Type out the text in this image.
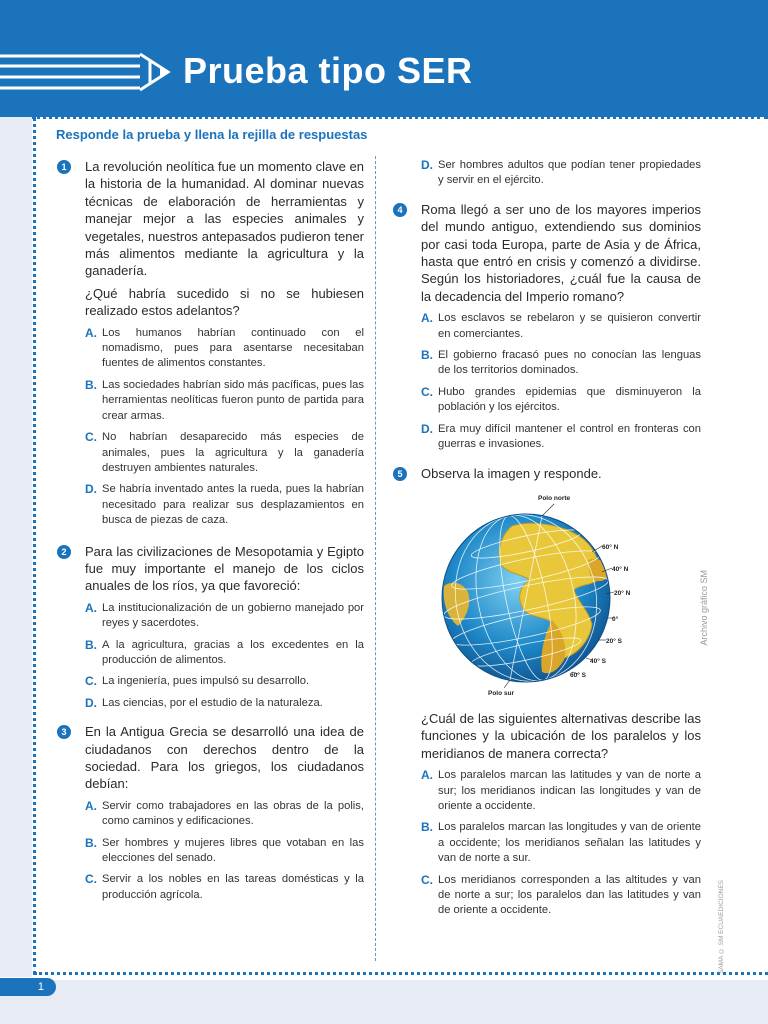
Prueba tipo SER
1
Responde la prueba y llena la rejilla de respuestas
1	La revolución neolítica fue un momento clave en la historia de la humanidad. Al dominar nuevas técnicas de elaboración de herramientas y manejar mejor a las especies animales y vegetales, nuestros antepasados pudieron tener más alimentos mediante la agricultura y la ganadería.

¿Qué habría sucedido si no se hubiesen realizado estos adelantos?

A. Los humanos habrían continuado con el nomadismo, pues para asentarse necesitaban fuentes de alimentos constantes.
B. Las sociedades habrían sido más pacíficas, pues las herramientas neolíticas fueron punto de partida para crear armas.
C. No habrían desaparecido más especies de animales, pues la agricultura y la ganadería destruyen ambientes naturales.
D. Se habría inventado antes la rueda, pues la habrían necesitado para realizar sus desplazamientos en busca de piezas de caza.
2	Para las civilizaciones de Mesopotamia y Egipto fue muy importante el manejo de los ciclos anuales de los ríos, ya que favoreció:

A. La institucionalización de un gobierno manejado por reyes y sacerdotes.
B. A la agricultura, gracias a los excedentes en la producción de alimentos.
C. La ingeniería, pues impulsó su desarrollo.
D. Las ciencias, por el estudio de la naturaleza.
3	En la Antigua Grecia se desarrolló una idea de ciudadanos con derechos dentro de la sociedad. Para los griegos, los ciudadanos debían:

A. Servir como trabajadores en las obras de la polis, como caminos y edificaciones.
B. Ser hombres y mujeres libres que votaban en las elecciones del senado.
C. Servir a los nobles en las tareas domésticas y la producción agrícola.
D. Ser hombres adultos que podían tener propiedades y servir en el ejército.
4	Roma llegó a ser uno de los mayores imperios del mundo antiguo, extendiendo sus dominios por casi toda Europa, parte de Asia y de África, hasta que entró en crisis y comenzó a dividirse. Según los historiadores, ¿cuál fue la causa de la decadencia del Imperio romano?

A. Los esclavos se rebelaron y se quisieron convertir en comerciantes.
B. El gobierno fracasó pues no conocían las lenguas de los territorios dominados.
C. Hubo grandes epidemias que disminuyeron la población y los ejércitos.
D. Era muy difícil mantener el control en fronteras con guerras e invasiones.
5	Observa la imagen y responde.

Polo norte
60° N
40° N
20° N
0°
20° S
40° S
60° S
Polo sur
Archivo gráfico SM

¿Cuál de las siguientes alternativas describe las funciones y la ubicación de los paralelos y los meridianos de manera correcta?

A. Los paralelos marcan las latitudes y van de norte a sur; los meridianos indican las longitudes y van de oriente a occidente.
B. Los paralelos marcan las longitudes y van de oriente a occidente; los meridianos señalan las latitudes y van de norte a sur.
C. Los meridianos corresponden a las altitudes y van de norte a sur; los paralelos dan las latitudes y van de oriente a occidente.	SAMA © SM ECUAEDICIONES
